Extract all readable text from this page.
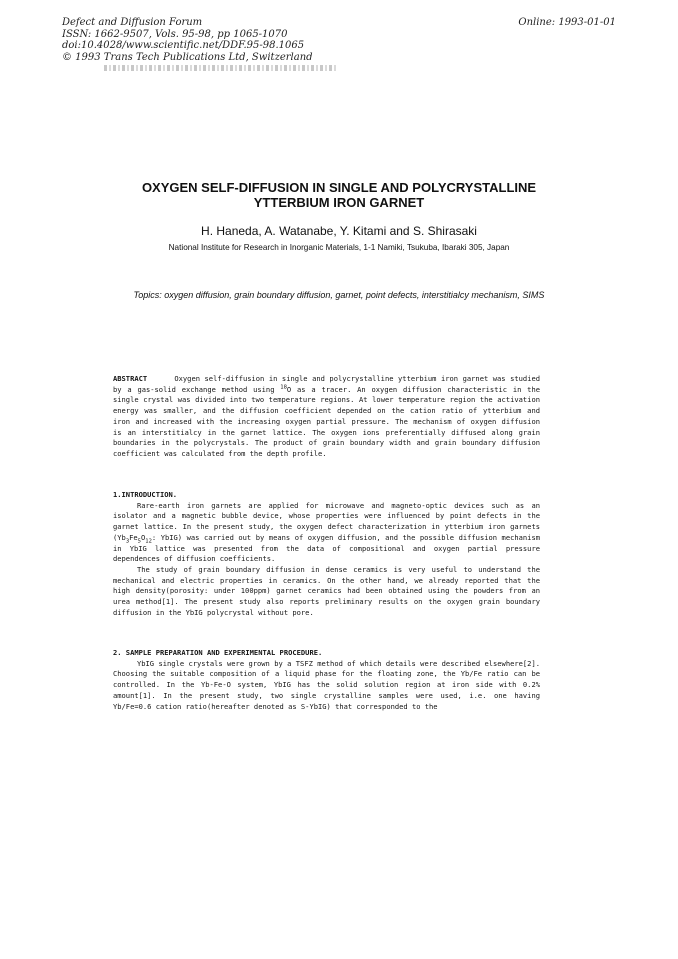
Defect and Diffusion Forum
ISSN: 1662-9507, Vols. 95-98, pp 1065-1070
doi:10.4028/www.scientific.net/DDF.95-98.1065
© 1993 Trans Tech Publications Ltd, Switzerland
Online: 1993-01-01
OXYGEN SELF-DIFFUSION IN SINGLE AND POLYCRYSTALLINE
YTTERBIUM IRON GARNET
H. Haneda, A. Watanabe, Y. Kitami and S. Shirasaki
National Institute for Research in Inorganic Materials, 1-1 Namiki, Tsukuba, Ibaraki 305, Japan
Topics: oxygen diffusion, grain boundary diffusion, garnet, point defects, interstitialcy mechanism, SIMS
ABSTRACT	Oxygen self-diffusion in single and polycrystalline ytterbium iron garnet was studied by a gas-solid exchange method using $^{18}$O as a tracer. An oxygen diffusion characteristic in the single crystal was divided into two temperature regions. At lower temperature region the activation energy was smaller, and the diffusion coefficient depended on the cation ratio of ytterbium and iron and increased with the increasing oxygen partial pressure. The mechanism of oxygen diffusion is an interstitialcy in the garnet lattice. The oxygen ions preferentially diffused along grain boundaries in the polycrystals. The product of grain boundary width and grain boundary diffusion coefficient was calculated from the depth profile.
1.INTRODUCTION.
Rare-earth iron garnets are applied for microwave and magneto-optic devices such as an isolator and a magnetic bubble device, whose properties were influenced by point defects in the garnet lattice. In the present study, the oxygen defect characterization in ytterbium iron garnets ($Yb_3Fe_5O_{12}$: YbIG) was carried out by means of oxygen diffusion, and the possible diffusion mechanism in YbIG lattice was presented from the data of compositional and oxygen partial pressure dependences of diffusion coefficients.
The study of grain boundary diffusion in dense ceramics is very useful to understand the mechanical and electric properties in ceramics. On the other hand, we already reported that the high density(porosity: under 100ppm) garnet ceramics had been obtained using the powders from an urea method[1]. The present study also reports preliminary results on the oxygen grain boundary diffusion in the YbIG polycrystal without pore.
2. SAMPLE PREPARATION AND EXPERIMENTAL PROCEDURE.
YbIG single crystals were grown by a TSFZ method of which details were described elsewhere[2]. Choosing the suitable composition of a liquid phase for the floating zone, the Yb/Fe ratio can be controlled. In the Yb-Fe-O system, YbIG has the solid solution region at iron side with 0.2% amount[1]. In the present study, two single crystalline samples were used, i.e. one having Yb/Fe=0.6 cation ratio(hereafter denoted as S-YbIG) that corresponded to the
